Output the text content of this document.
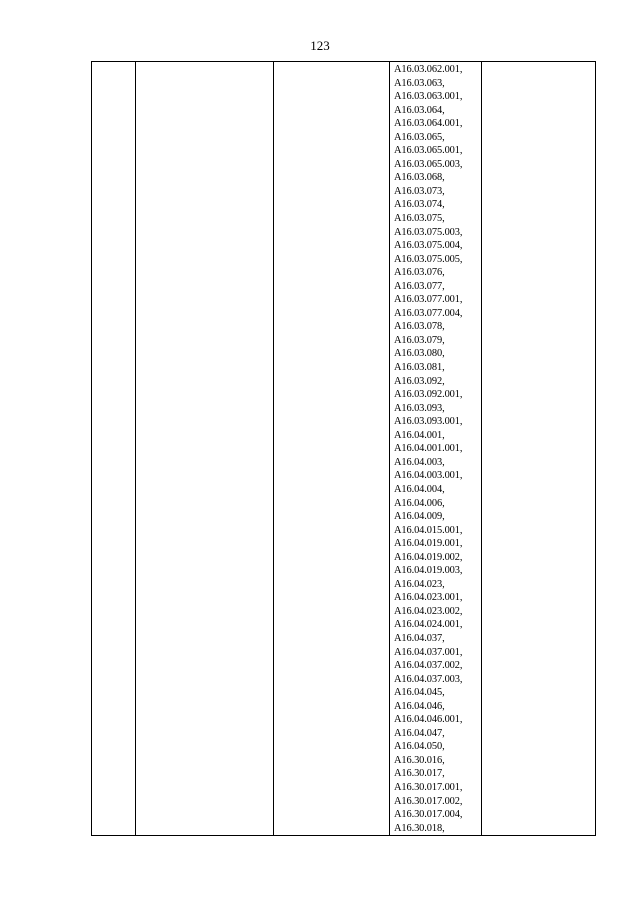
123

A16.03.062.001,
A16.03.063,
A16.03.063.001,
A16.03.064,
A16.03.064.001,
A16.03.065,
A16.03.065.001,
A16.03.065.003,
A16.03.068,
A16.03.073,
A16.03.074,
A16.03.075,
A16.03.075.003,
A16.03.075.004,
A16.03.075.005,
A16.03.076,
A16.03.077,
A16.03.077.001,
A16.03.077.004,
A16.03.078,
A16.03.079,
A16.03.080,
A16.03.081,
A16.03.092,
A16.03.092.001,
A16.03.093,
A16.03.093.001,
A16.04.001,
A16.04.001.001,
A16.04.003,
A16.04.003.001,
A16.04.004,
A16.04.006,
A16.04.009,
A16.04.015.001,
A16.04.019.001,
A16.04.019.002,
A16.04.019.003,
A16.04.023,
A16.04.023.001,
A16.04.023.002,
A16.04.024.001,
A16.04.037,
A16.04.037.001,
A16.04.037.002,
A16.04.037.003,
A16.04.045,
A16.04.046,
A16.04.046.001,
A16.04.047,
A16.04.050,
A16.30.016,
A16.30.017,
A16.30.017.001,
A16.30.017.002,
A16.30.017.004,
A16.30.018,
